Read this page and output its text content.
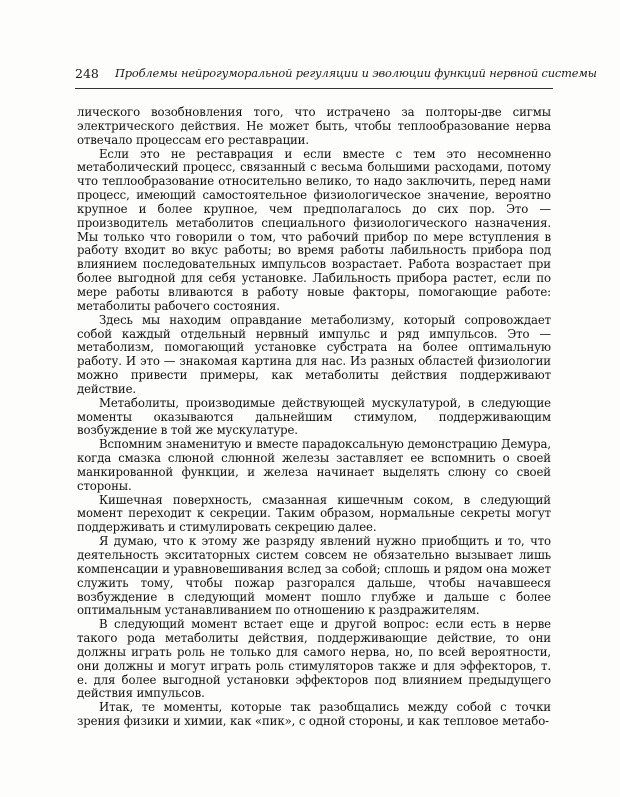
248 Проблемы нейрогуморальной регуляции и эволюции функций нервной системы

лического возобновления того, что истрачено за полторы-две сигмы электрического действия. Не может быть, чтобы теплообразование нерва отвечало процессам его реставрации.

Если это не реставрация и если вместе с тем это несомненно метаболический процесс, связанный с весьма большими расходами, потому что теплообразование относительно велико, то надо заключить, перед нами процесс, имеющий самостоятельное физиологическое значение, вероятно крупное и более крупное, чем предполагалось до сих пор. Это — производитель метаболитов специального физиологического назначения. Мы только что говорили о том, что рабочий прибор по мере вступления в работу входит во вкус работы; во время работы лабильность прибора под влиянием последовательных импульсов возрастает. Работа возрастает при более выгодной для себя установке. Лабильность прибора растет, если по мере работы вливаются в работу новые факторы, помогающие работе: метаболиты рабочего состояния.

Здесь мы находим оправдание метаболизму, который сопровождает собой каждый отдельный нервный импульс и ряд импульсов. Это — метаболизм, помогающий установке субстрата на более оптимальную работу. И это — знакомая картина для нас. Из разных областей физиологии можно привести примеры, как метаболиты действия поддерживают действие.

Метаболиты, производимые действующей мускулатурой, в следующие моменты оказываются дальнейшим стимулом, поддерживающим возбуждение в той же мускулатуре.

Вспомним знаменитую и вместе парадоксальную демонстрацию Демура, когда смазка слюной слюнной железы заставляет ее вспомнить о своей манкированной функции, и железа начинает выделять слюну со своей стороны.

Кишечная поверхность, смазанная кишечным соком, в следующий момент переходит к секреции. Таким образом, нормальные секреты могут поддерживать и стимулировать секрецию далее.

Я думаю, что к этому же разряду явлений нужно приобщить и то, что деятельность экситаторных систем совсем не обязательно вызывает лишь компенсации и уравновешивания вслед за собой; сплошь и рядом она может служить тому, чтобы пожар разгорался дальше, чтобы начавшееся возбуждение в следующий момент пошло глубже и дальше с более оптимальным устанавливанием по отношению к раздражителям.

В следующий момент встает еще и другой вопрос: если есть в нерве такого рода метаболиты действия, поддерживающие действие, то они должны играть роль не только для самого нерва, но, по всей вероятности, они должны и могут играть роль стимуляторов также и для эффекторов, т. е. для более выгодной установки эффекторов под влиянием предыдущего действия импульсов.

Итак, те моменты, которые так разобщались между собой с точки зрения физики и химии, как «пик», с одной стороны, и как тепловое метабо-
